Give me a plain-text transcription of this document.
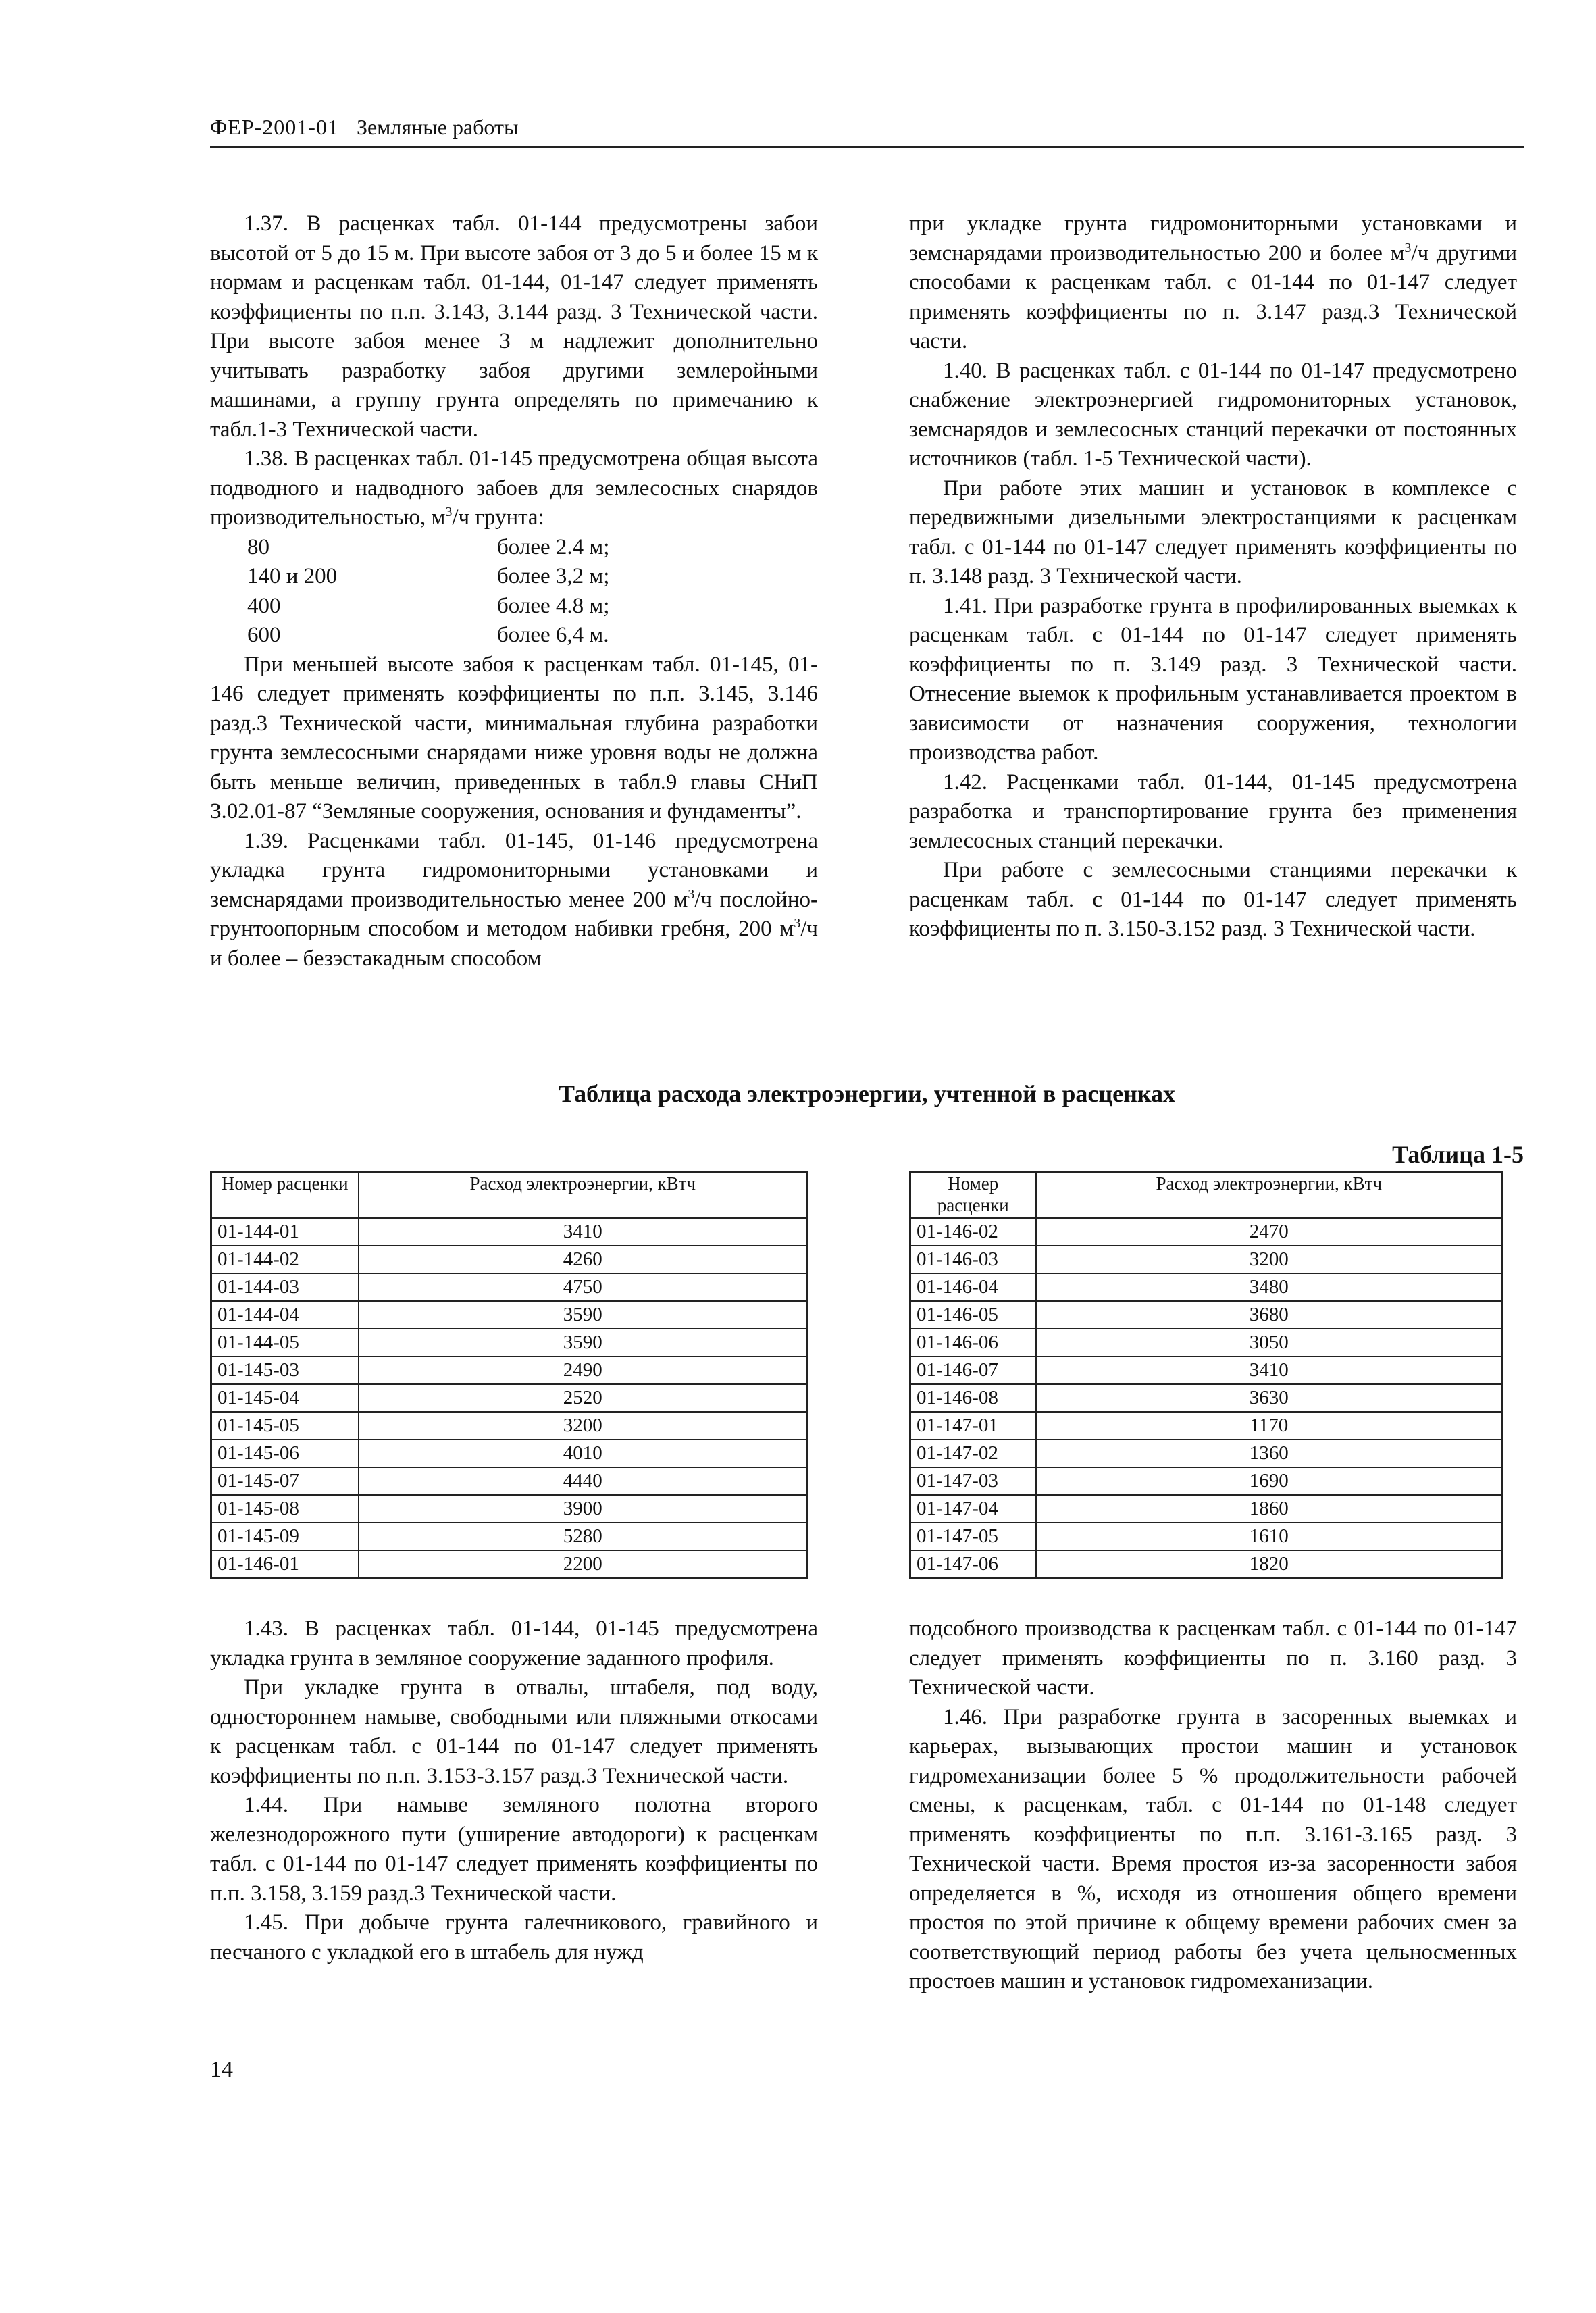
ФЕР-2001-01 Земляные работы

1.37. В расценках табл. 01-144 предусмотрены забои высотой от 5 до 15 м. При высоте забоя от 3 до 5 и более 15 м к нормам и расценкам табл. 01-144, 01-147 следует применять коэффициенты по п.п. 3.143, 3.144 разд. 3 Технической части. При высоте забоя менее 3 м надлежит дополнительно учитывать разработку забоя другими землеройными машинами, а группу грунта определять по примечанию к табл.1-3 Технической части.

1.38. В расценках табл. 01-145 предусмотрена общая высота подводного и надводного забоев для землесосных снарядов производительностью, $м^3/ч$ грунта:

80	более 2.4 м;
140 и 200	более 3,2 м;
400	более 4.8 м;
600	более 6,4 м.

При меньшей высоте забоя к расценкам табл. 01-145, 01-146 следует применять коэффициенты по п.п. 3.145, 3.146 разд.3 Технической части, минимальная глубина разработки грунта землесосными снарядами ниже уровня воды не должна быть меньше величин, приведенных в табл.9 главы СНиП 3.02.01-87 “Земляные сооружения, основания и фундаменты”.

1.39. Расценками табл. 01-145, 01-146 предусмотрена укладка грунта гидромониторными установками и земснарядами производительностью менее 200 $м^3/ч$ послойно-грунтоопорным способом и методом набивки гребня, 200 $м^3/ч$ и более – безэстакадным способом

при укладке грунта гидромониторными установками и земснарядами производительностью 200 и более $м^3/ч$ другими способами к расценкам табл. с 01-144 по 01-147 следует применять коэффициенты по п. 3.147 разд.3 Технической части.

1.40. В расценках табл. с 01-144 по 01-147 предусмотрено снабжение электроэнергией гидромониторных установок, земснарядов и землесосных станций перекачки от постоянных источников (табл. 1-5 Технической части).

При работе этих машин и установок в комплексе с передвижными дизельными электростанциями к расценкам табл. с 01-144 по 01-147 следует применять коэффициенты по п. 3.148 разд. 3 Технической части.

1.41. При разработке грунта в профилированных выемках к расценкам табл. с 01-144 по 01-147 следует применять коэффициенты по п. 3.149 разд. 3 Технической части. Отнесение выемок к профильным устанавливается проектом в зависимости от назначения сооружения, технологии производства работ.

1.42. Расценками табл. 01-144, 01-145 предусмотрена разработка и транспортирование грунта без применения землесосных станций перекачки.

При работе с землесосными станциями перекачки к расценкам табл. с 01-144 по 01-147 следует применять коэффициенты по п. 3.150-3.152 разд. 3 Технической части.

Таблица расхода электроэнергии, учтенной в расценках
Таблица 1-5
Номер расценки	Расход электроэнергии, кВтч
01-144-01	3410
01-144-02	4260
01-144-03	4750
01-144-04	3590
01-144-05	3590
01-145-03	2490
01-145-04	2520
01-145-05	3200
01-145-06	4010
01-145-07	4440
01-145-08	3900
01-145-09	5280
01-146-01	2200
Номер расценки	Расход электроэнергии, кВтч
01-146-02	2470
01-146-03	3200
01-146-04	3480
01-146-05	3680
01-146-06	3050
01-146-07	3410
01-146-08	3630
01-147-01	1170
01-147-02	1360
01-147-03	1690
01-147-04	1860
01-147-05	1610
01-147-06	1820

1.43. В расценках табл. 01-144, 01-145 предусмотрена укладка грунта в земляное сооружение заданного профиля.

При укладке грунта в отвалы, штабеля, под воду, одностороннем намыве, свободными или пляжными откосами к расценкам табл. с 01-144 по 01-147 следует применять коэффициенты по п.п. 3.153-3.157 разд.3 Технической части.

1.44. При намыве земляного полотна второго железнодорожного пути (уширение автодороги) к расценкам табл. с 01-144 по 01-147 следует применять коэффициенты по п.п. 3.158, 3.159 разд.3 Технической части.

1.45. При добыче грунта галечникового, гравийного и песчаного с укладкой его в штабель для нужд

подсобного производства к расценкам табл. с 01-144 по 01-147 следует применять коэффициенты по п. 3.160 разд. 3 Технической части.

1.46. При разработке грунта в засоренных выемках и карьерах, вызывающих простои машин и установок гидромеханизации более 5 % продолжительности рабочей смены, к расценкам, табл. с 01-144 по 01-148 следует применять коэффициенты по п.п. 3.161-3.165 разд. 3 Технической части. Время простоя из-за засоренности забоя определяется в %, исходя из отношения общего времени простоя по этой причине к общему времени рабочих смен за соответствующий период работы без учета цельносменных простоев машин и установок гидромеханизации.

14
